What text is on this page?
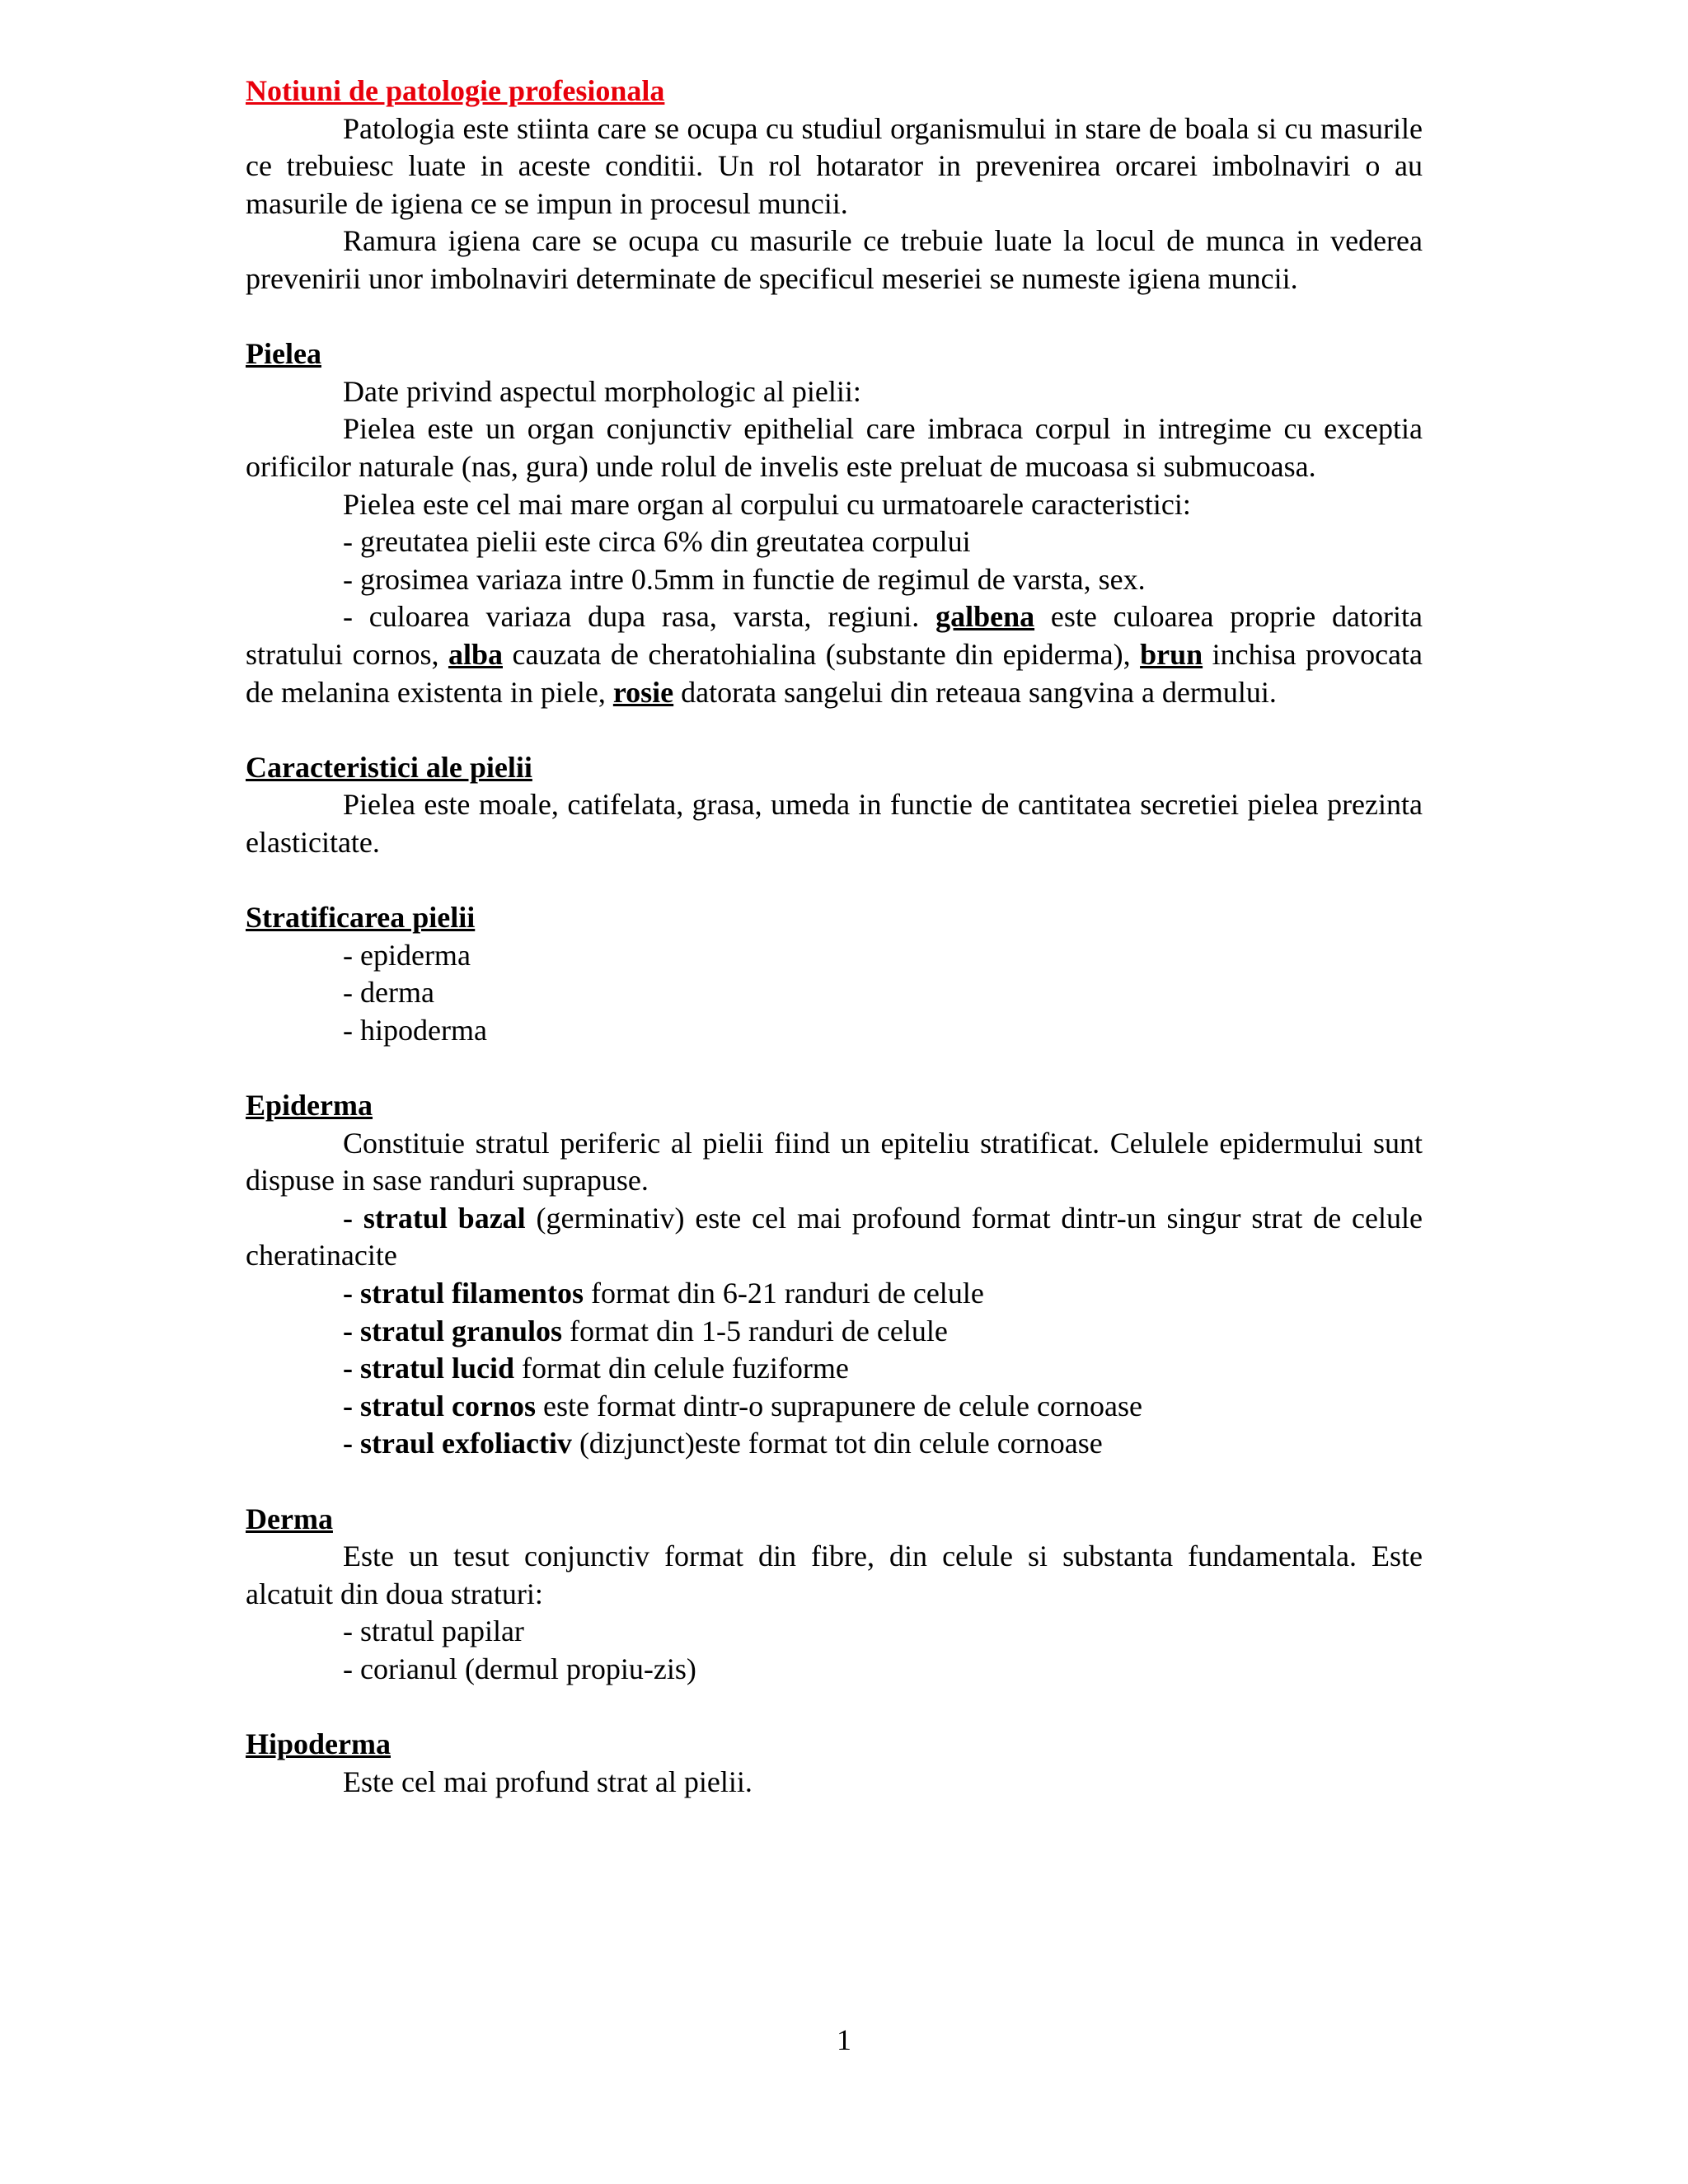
Notiuni de patologie profesionala

Patologia este stiinta care se ocupa cu studiul organismului in stare de boala si cu masurile ce trebuiesc luate in aceste conditii. Un rol hotarator in prevenirea orcarei imbolnaviri o au masurile de igiena ce se impun in procesul muncii.

Ramura igiena care se ocupa cu masurile ce trebuie luate la locul de munca in vederea prevenirii unor imbolnaviri determinate de specificul meseriei se numeste igiena muncii.

Pielea

Date privind aspectul morphologic al pielii:

Pielea este un organ conjunctiv epithelial care imbraca corpul in intregime cu exceptia orificilor naturale (nas, gura) unde rolul de invelis este preluat de mucoasa si submucoasa.

Pielea este cel mai mare organ al corpului cu urmatoarele caracteristici:

- greutatea pielii este circa 6% din greutatea corpului

- grosimea variaza intre 0.5mm in functie de regimul de varsta, sex.

- culoarea variaza dupa rasa, varsta, regiuni. galbena este culoarea proprie datorita stratului cornos, alba cauzata de cheratohialina (substante din epiderma), brun inchisa provocata de melanina existenta in piele, rosie datorata sangelui din reteaua sangvina a dermului.

Caracteristici ale pielii

Pielea este moale, catifelata, grasa, umeda in functie de cantitatea secretiei pielea prezinta elasticitate.

Stratificarea pielii

- epiderma

- derma

- hipoderma

Epiderma

Constituie stratul periferic al pielii fiind un epiteliu stratificat. Celulele epidermului sunt dispuse in sase randuri suprapuse.

- stratul bazal (germinativ) este cel mai profound format dintr-un singur strat de celule cheratinacite

- stratul filamentos format din 6-21 randuri de celule

- stratul granulos format din 1-5 randuri de celule

- stratul lucid format din celule fuziforme

- stratul cornos este format dintr-o suprapunere de celule cornoase

- straul exfoliactiv (dizjunct)este format tot din celule cornoase

Derma

Este un tesut conjunctiv format din fibre, din celule si substanta fundamentala. Este alcatuit din doua straturi:

- stratul papilar

- corianul (dermul propiu-zis)

Hipoderma

Este cel mai profund strat al pielii.

1
